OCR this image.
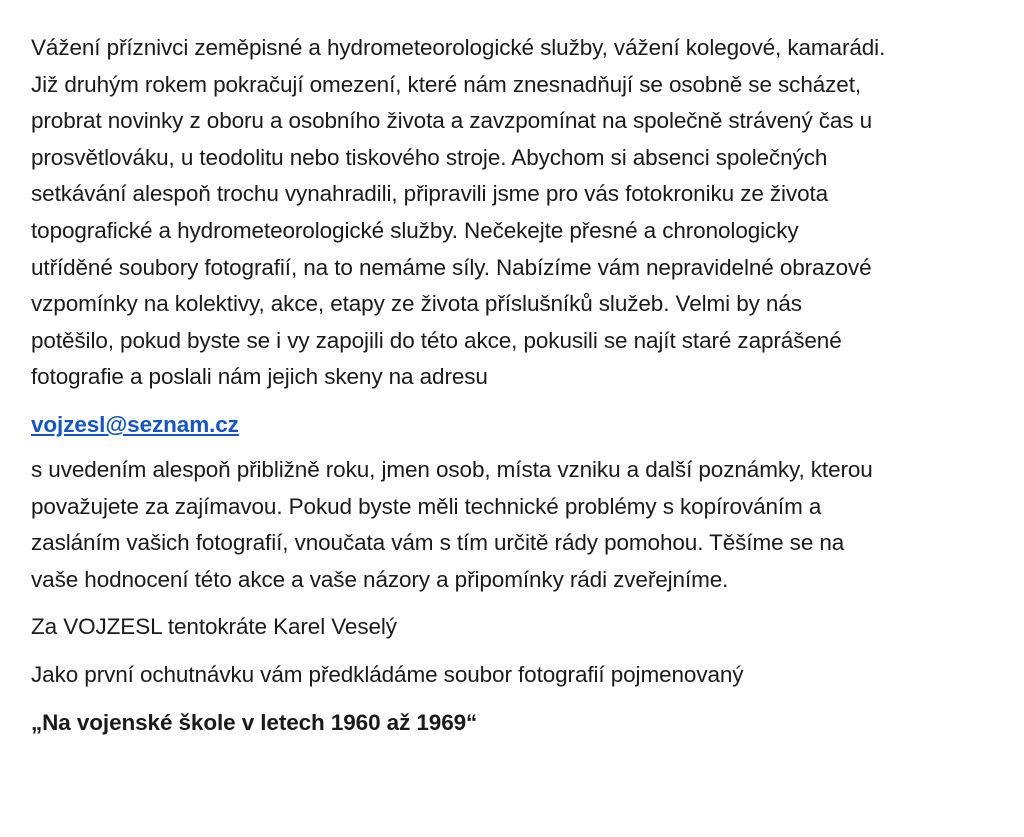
Vážení příznivci zeměpisné a hydrometeorologické služby, vážení kolegové, kamarádi.
Již druhým rokem pokračují omezení, které nám znesnadňují se osobně se scházet,
probrat novinky z oboru a osobního života a zavzpomínat na společně strávený čas u
prosvětlováku, u teodolitu nebo tiskového stroje. Abychom si absenci společných
setkávání alespoň trochu vynahradili, připravili jsme pro vás fotokroniku ze života
topografické a hydrometeorologické služby. Nečekejte přesné a chronologicky
utříděné soubory fotografií, na to nemáme síly. Nabízíme vám nepravidelné obrazové
vzpomínky na kolektivy, akce, etapy ze života příslušníků služeb. Velmi by nás
potěšilo, pokud byste se i vy zapojili do této akce, pokusili se najít staré zaprášené
fotografie a poslali nám jejich skeny na adresu

vojzesl@seznam.cz

s uvedením alespoň přibližně roku, jmen osob, místa vzniku a další poznámky, kterou
považujete za zajímavou. Pokud byste měli technické problémy s kopírováním a
zasláním vašich fotografií, vnoučata vám s tím určitě rády pomohou. Těšíme se na
vaše hodnocení této akce a vaše názory a připomínky rádi zveřejníme.

Za VOJZESL tentokráte Karel Veselý

Jako první ochutnávku vám předkládáme soubor fotografií pojmenovaný

„Na vojenské škole v letech 1960 až 1969“
